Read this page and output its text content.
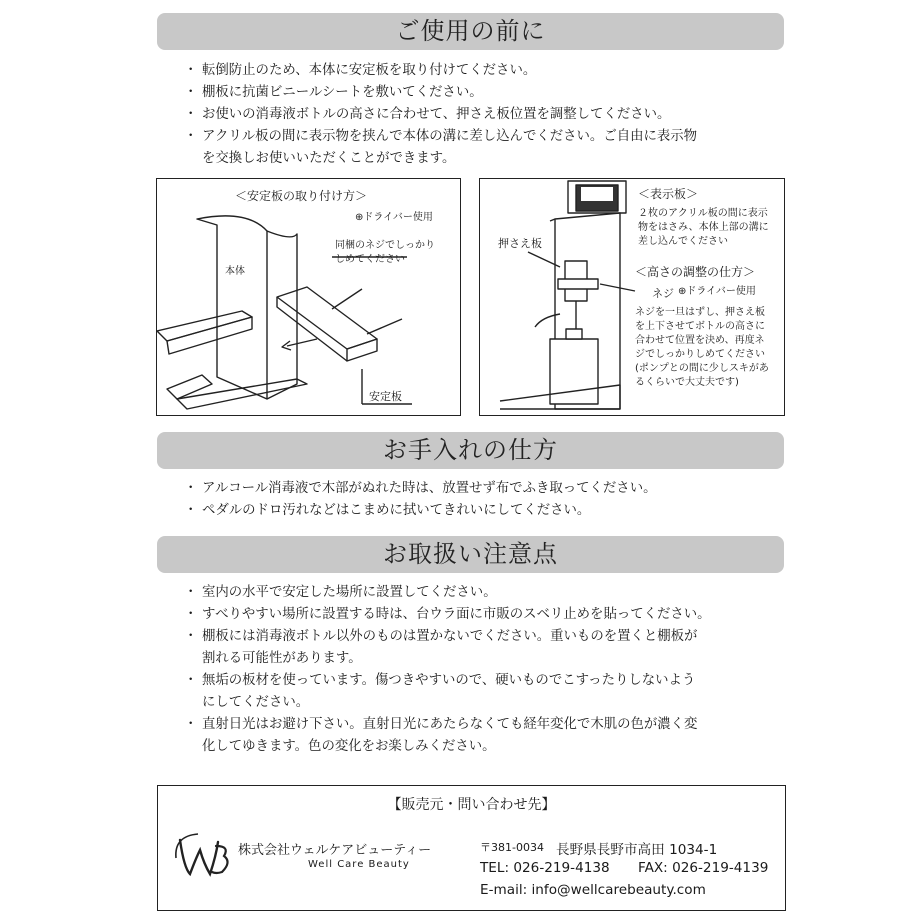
ご使用の前に
・ 転倒防止のため、本体に安定板を取り付けてください。
・ 棚板に抗菌ビニールシートを敷いてください。
・ お使いの消毒液ボトルの高さに合わせて、押さえ板位置を調整してください。
・ アクリル板の間に表示物を挟んで本体の溝に差し込んでください。ご自由に表示物
を交換しお使いいただくことができます。
＜安定板の取り付け方＞
⊕ドライバー使用
同梱のネジでしっかり
しめてください
本体
安定板
押さえ板
＜表示板＞
２枚のアクリル板の間に表示
物をはさみ、本体上部の溝に
差し込んでください
＜高さの調整の仕方＞
ネジ ⊕ドライバー使用
ネジを一旦はずし、押さえ板
を上下させてボトルの高さに
合わせて位置を決め、再度ネ
ジでしっかりしめてください
(ポンプとの間に少しスキがあ
るくらいで大丈夫です)
お手入れの仕方
・ アルコール消毒液で木部がぬれた時は、放置せず布でふき取ってください。
・ ペダルのドロ汚れなどはこまめに拭いてきれいにしてください。
お取扱い注意点
・ 室内の水平で安定した場所に設置してください。
・ すべりやすい場所に設置する時は、台ウラ面に市販のスベリ止めを貼ってください。
・ 棚板には消毒液ボトル以外のものは置かないでください。重いものを置くと棚板が
割れる可能性があります。
・ 無垢の板材を使っています。傷つきやすいので、硬いものでこすったりしないよう
にしてください。
・ 直射日光はお避け下さい。直射日光にあたらなくても経年変化で木肌の色が濃く変
化してゆきます。色の変化をお楽しみください。
【販売元・問い合わせ先】
株式会社ウェルケアビューティー
Well Care Beauty
〒381-0034 長野県長野市高田 1034-1
TEL: 026-219-4138 FAX: 026-219-4139
E-mail: info@wellcarebeauty.com
